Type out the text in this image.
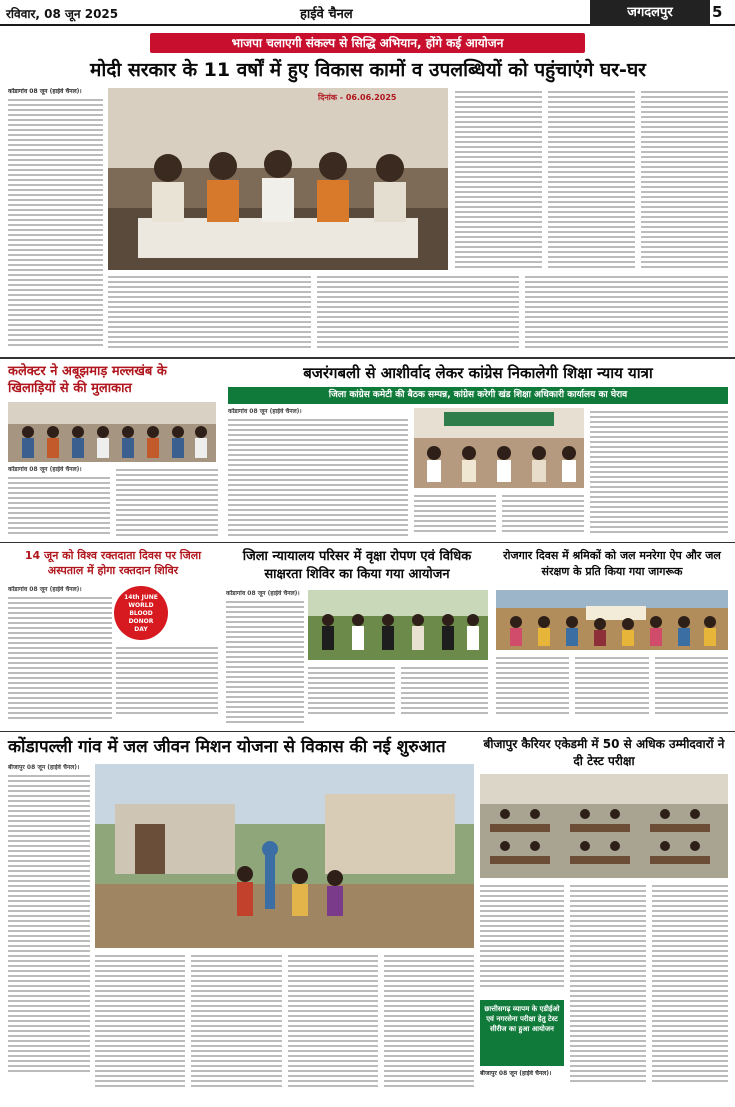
रविवार, 08 जून 2025	हाईवे चैनल	जगदलपुर	5
भाजपा चलाएगी संकल्प से सिद्धि अभियान, होंगे कई आयोजन
मोदी सरकार के 11 वर्षों में हुए विकास कामों व उपलब्धियों को पहुंचाएंगे घर-घर
कोंडागांव 08 जून (हाईवे चैनल)।
दिनांक - 06.06.2025
कलेक्टर ने अबूझमाड़ मल्लखंब के खिलाड़ियों से की मुलाकात
कोंडागांव 08 जून (हाईवे चैनल)।
बजरंगबली से आशीर्वाद लेकर कांग्रेस निकालेगी शिक्षा न्याय यात्रा
जिला कांग्रेस कमेटी की बैठक सम्पन्न, कांग्रेस करेगी खंड शिक्षा अधिकारी कार्यालय का घेराव
कोंडागांव 08 जून (हाईवे चैनल)।
14 जून को विश्व रक्तदाता दिवस पर जिला अस्पताल में होगा रक्तदान शिविर
14th JUNE
WORLD
BLOOD
DONOR
DAY
कोंडागांव 08 जून (हाईवे चैनल)।
जिला न्यायालय परिसर में वृक्षा रोपण एवं विधिक साक्षरता शिविर का किया गया आयोजन
कोंडागांव 08 जून (हाईवे चैनल)।
रोजगार दिवस में श्रमिकों को जल मनरेगा ऐप और जल संरक्षण के प्रति किया गया जागरूक
कोंडापल्ली गांव में जल जीवन मिशन योजना से विकास की नई शुरुआत
बीजापुर 08 जून (हाईवे चैनल)।
बीजापुर कैरियर एकेडमी में 50 से अधिक उम्मीदवारों ने दी टेस्ट परीक्षा
छात्तीसगढ़ व्यापम के एडीईओ एवं नगरसेना परीक्षा हेतु टेस्ट सीरीज का हुआ आयोजन
बीजापुर 08 जून (हाईवे चैनल)।
